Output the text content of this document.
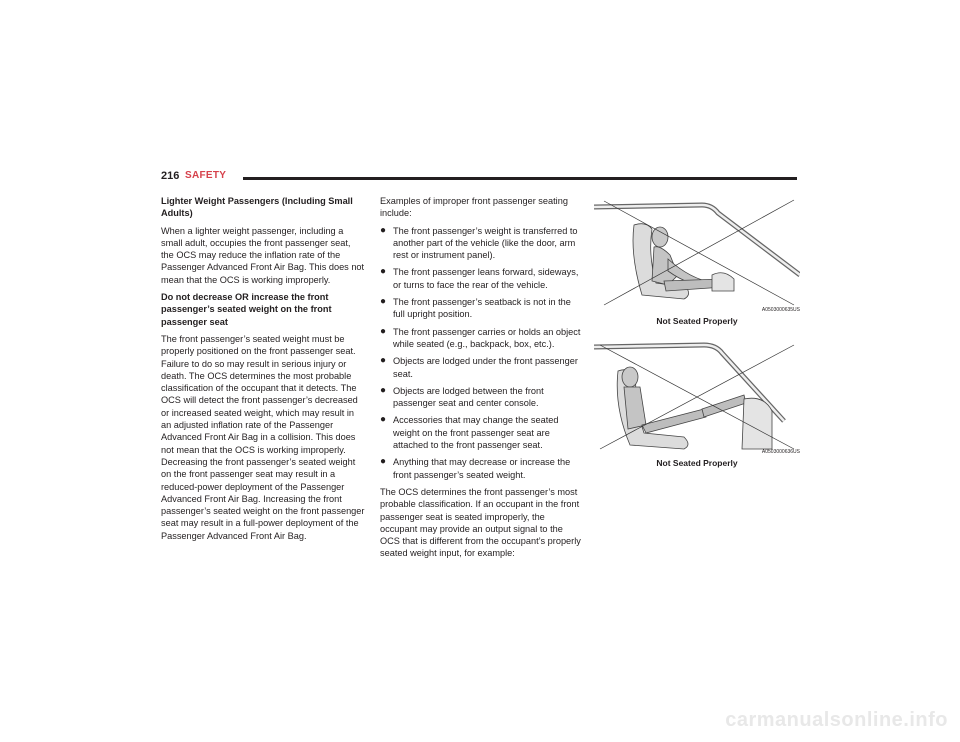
216 SAFETY

Lighter Weight Passengers (Including Small Adults)

When a lighter weight passenger, including a small adult, occupies the front passenger seat, the OCS may reduce the inflation rate of the Passenger Advanced Front Air Bag. This does not mean that the OCS is working improperly.

Do not decrease OR increase the front passenger’s seated weight on the front passenger seat

The front passenger’s seated weight must be properly positioned on the front passenger seat. Failure to do so may result in serious injury or death. The OCS determines the most probable classification of the occupant that it detects. The OCS will detect the front passenger’s decreased or increased seated weight, which may result in an adjusted inflation rate of the Passenger Advanced Front Air Bag in a collision. This does not mean that the OCS is working improperly. Decreasing the front passenger’s seated weight on the front passenger seat may result in a reduced-power deployment of the Passenger Advanced Front Air Bag. Increasing the front passenger’s seated weight on the front passenger seat may result in a full-power deployment of the Passenger Advanced Front Air Bag.

Examples of improper front passenger seating include:

● The front passenger’s weight is transferred to another part of the vehicle (like the door, arm rest or instrument panel).
● The front passenger leans forward, sideways, or turns to face the rear of the vehicle.
● The front passenger’s seatback is not in the full upright position.
● The front passenger carries or holds an object while seated (e.g., backpack, box, etc.).
● Objects are lodged under the front passenger seat.
● Objects are lodged between the front passenger seat and center console.
● Accessories that may change the seated weight on the front passenger seat are attached to the front passenger seat.
● Anything that may decrease or increase the front passenger’s seated weight.

The OCS determines the front passenger’s most probable classification. If an occupant in the front passenger seat is seated improperly, the occupant may provide an output signal to the OCS that is different from the occupant’s properly seated weight input, for example:

A0503000635US
Not Seated Properly
A0503000636US
Not Seated Properly
carmanualsonline.info
